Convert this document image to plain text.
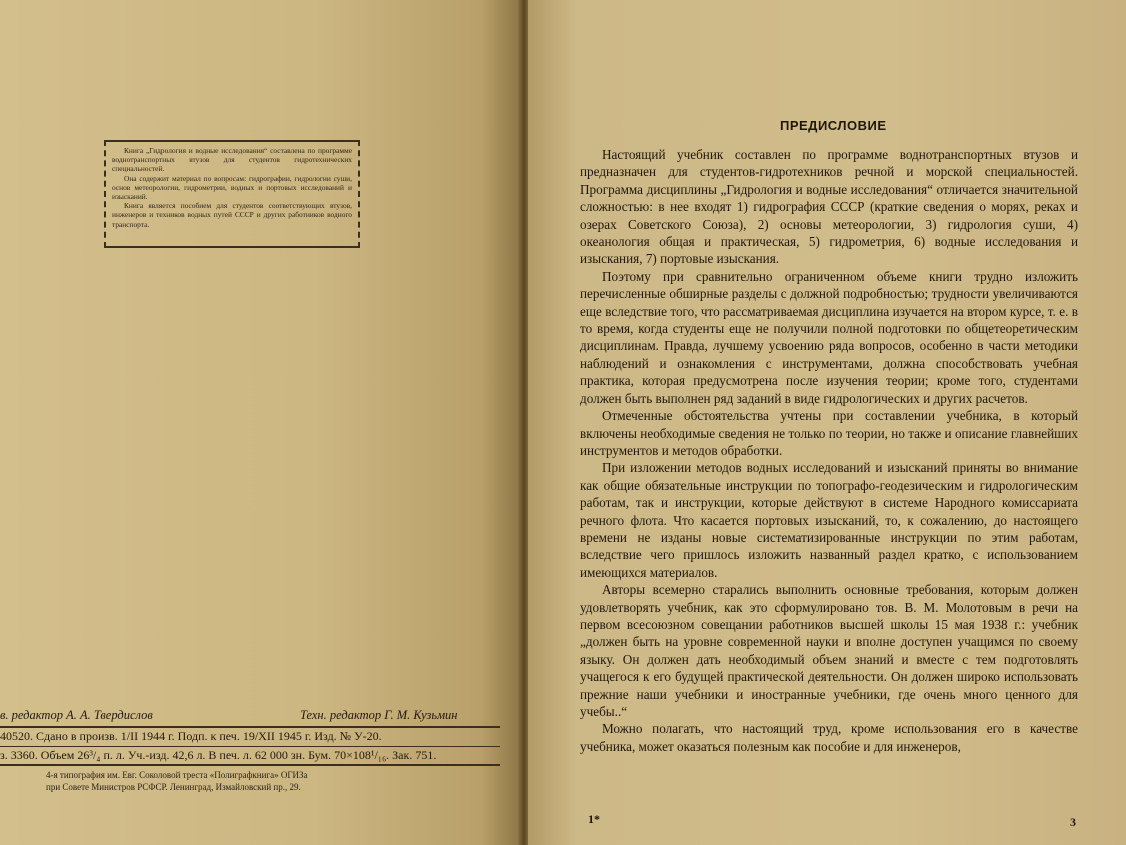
Книга „Гидрология и водные исследования“ составлена по программе воднотранспортных втузов для студентов гидротехнических специальностей.

Она содержит материал по вопросам: гидрографии, гидрологии суши, основ метеорологии, гидрометрии, водных и портовых исследований и изысканий.

Книга является пособием для студентов соответствующих втузов, инженеров и техников водных путей СССР и других работников водного транспорта.

в. редактор А. А. Твердислов	Техн. редактор Г. М. Кузьмин
40520. Сдано в произв. 1/II 1944 г. Подп. к печ. 19/XII 1945 г. Изд. № У-20.
з. 3360. Объем 26³/₄ п. л. Уч.-изд. 42,6 л. В печ. л. 62 000 зн. Бум. 70×108¹/₁₆. Зак. 751.
4-я типография им. Евг. Соколовой треста «Полиграфкнига» ОГИЗа
при Совете Министров РСФСР. Ленинград, Измайловский пр., 29.
ПРЕДИСЛОВИЕ

Настоящий учебник составлен по программе воднотранспортных втузов и предназначен для студентов-гидротехников речной и морской специальностей. Программа дисциплины „Гидрология и водные исследования“ отличается значительной сложностью: в нее входят 1) гидрография СССР (краткие сведения о морях, реках и озерах Советского Союза), 2) основы метеорологии, 3) гидрология суши, 4) океанология общая и практическая, 5) гидрометрия, 6) водные исследования и изыскания, 7) портовые изыскания.

Поэтому при сравнительно ограниченном объеме книги трудно изложить перечисленные обширные разделы с должной подробностью; трудности увеличиваются еще вследствие того, что рассматриваемая дисциплина изучается на втором курсе, т. е. в то время, когда студенты еще не получили полной подготовки по общетеоретическим дисциплинам. Правда, лучшему усвоению ряда вопросов, особенно в части методики наблюдений и ознакомления с инструментами, должна способствовать учебная практика, которая предусмотрена после изучения теории; кроме того, студентами должен быть выполнен ряд заданий в виде гидрологических и других расчетов.

Отмеченные обстоятельства учтены при составлении учебника, в который включены необходимые сведения не только по теории, но также и описание главнейших инструментов и методов обработки.

При изложении методов водных исследований и изысканий приняты во внимание как общие обязательные инструкции по топографо-геодезическим и гидрологическим работам, так и инструкции, которые действуют в системе Народного комиссариата речного флота. Что касается портовых изысканий, то, к сожалению, до настоящего времени не изданы новые систематизированные инструкции по этим работам, вследствие чего пришлось изложить названный раздел кратко, с использованием имеющихся материалов.

Авторы всемерно старались выполнить основные требования, которым должен удовлетворять учебник, как это сформулировано тов. В. М. Молотовым в речи на первом всесоюзном совещании работников высшей школы 15 мая 1938 г.: учебник „должен быть на уровне современной науки и вполне доступен учащимся по своему языку. Он должен дать необходимый объем знаний и вместе с тем подготовлять учащегося к его будущей практической деятельности. Он должен широко использовать прежние наши учебники и иностранные учебники, где очень много ценного для учебы..“

Можно полагать, что настоящий труд, кроме использования его в качестве учебника, может оказаться полезным как пособие и для инженеров,

1*	3
